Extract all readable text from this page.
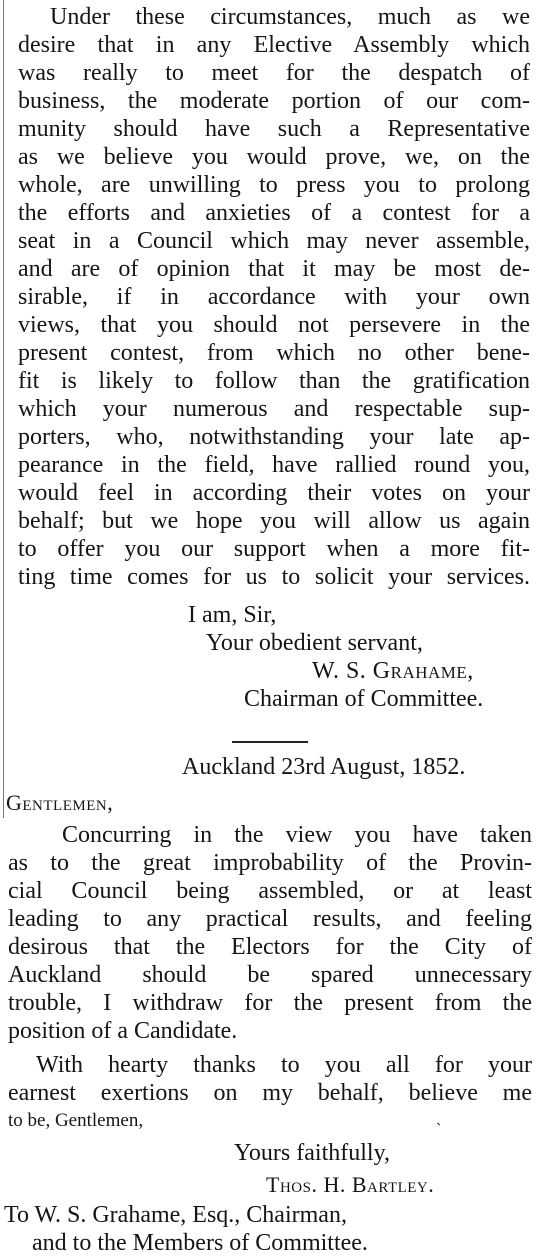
Under these circumstances, much as we
desire that in any Elective Assembly which
was really to meet for the despatch of
business, the moderate portion of our com-
munity should have such a Representative
as we believe you would prove, we, on the
whole, are unwilling to press you to prolong
the efforts and anxieties of a contest for a
seat in a Council which may never assemble,
and are of opinion that it may be most de-
sirable, if in accordance with your own
views, that you should not persevere in the
present contest, from which no other bene-
fit is likely to follow than the gratification
which your numerous and respectable sup-
porters, who, notwithstanding your late ap-
pearance in the field, have rallied round you,
would feel in according their votes on your
behalf; but we hope you will allow us again
to offer you our support when a more fit-
ting time comes for us to solicit your services.
I am, Sir,
Your obedient servant,
W. S. Grahame,
Chairman of Committee.
Auckland 23rd August, 1852.
Gentlemen,
Concurring in the view you have taken
as to the great improbability of the Provin-
cial Council being assembled, or at least
leading to any practical results, and feeling
desirous that the Electors for the City of
Auckland should be spared unnecessary
trouble, I withdraw for the present from the
position of a Candidate.
With hearty thanks to you all for your
earnest exertions on my behalf, believe me
to be, Gentlemen,	`
Yours faithfully,
Thos. H. Bartley.
To W. S. Grahame, Esq., Chairman,
and to the Members of Committee.
